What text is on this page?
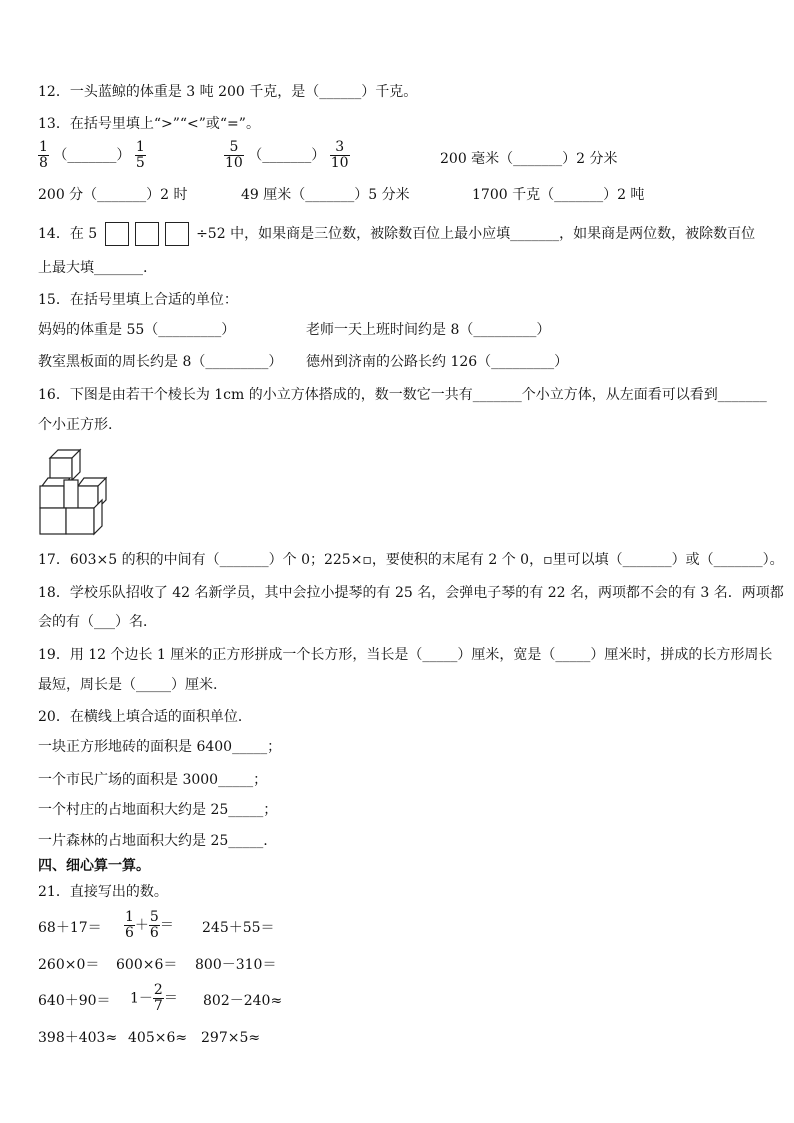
12．一头蓝鲸的体重是 3 吨 200 千克，是（______）千克。
13．在括号里填上“>”“<”或“=”。
$\frac{1}{8}$ （_______） $\frac{1}{5}$	$\frac{5}{10}$ （_______） $\frac{3}{10}$	200 毫米（_______）2 分米
200 分（_______）2 时	49 厘米（_______）5 分米	1700 千克（_______）2 吨
14．在 5	÷52 中，如果商是三位数，被除数百位上最小应填_______，如果商是两位数，被除数百位
上最大填_______.
15．在括号里填上合适的单位：
妈妈的体重是 55（_________）	老师一天上班时间约是 8（_________）
教室黑板面的周长约是 8（_________） 德州到济南的公路长约 126（_________）
16．下图是由若干个棱长为 1cm 的小立方体搭成的，数一数它一共有_______个小立方体，从左面看可以看到_______
个小正方形.
17．603×5 的积的中间有（_______）个 0；225×▫，要使积的末尾有 2 个 0，▫里可以填（_______）或（_______）。
18．学校乐队招收了 42 名新学员，其中会拉小提琴的有 25 名，会弹电子琴的有 22 名，两项都不会的有 3 名．两项都
会的有（___）名．
19．用 12 个边长 1 厘米的正方形拼成一个长方形，当长是（_____）厘米，宽是（_____）厘米时，拼成的长方形周长
最短，周长是（_____）厘米.
20．在横线上填合适的面积单位．
一块正方形地砖的面积是 6400_____；
一个市民广场的面积是 3000_____；
一个村庄的占地面积大约是 25_____；
一片森林的占地面积大约是 25_____.
四、细心算一算。
21．直接写出的数。
$68+17= \frac{1}{6} + \frac{5}{6} = 245+55=$
260×0＝ 600×6＝ 800－310＝
$640+90= 1- \frac{2}{7} = 802-240\approx$
398＋403≈ 405×6≈ 297×5≈
